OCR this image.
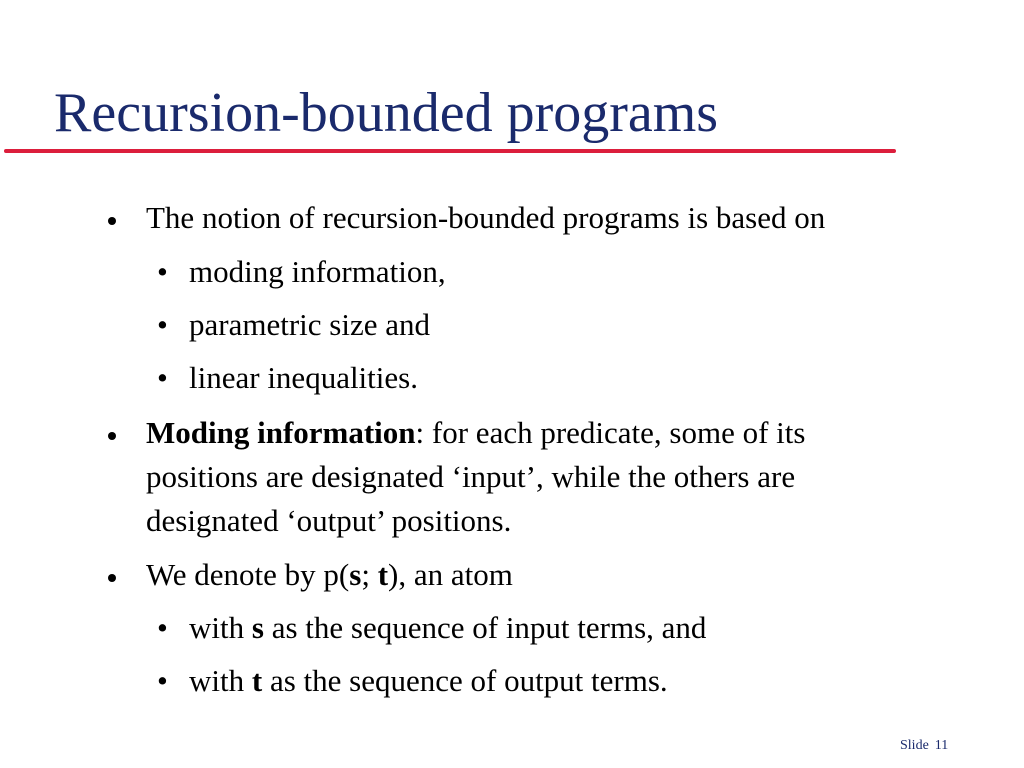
Recursion-bounded programs
The notion of recursion-bounded programs is based on
• moding information,
• parametric size and
• linear inequalities.
Moding information: for each predicate, some of its
positions are designated ‘input’, while the others are
designated ‘output’ positions.
We denote by p(s; t), an atom
• with s as the sequence of input terms, and
• with t as the sequence of output terms.
Slide 11
